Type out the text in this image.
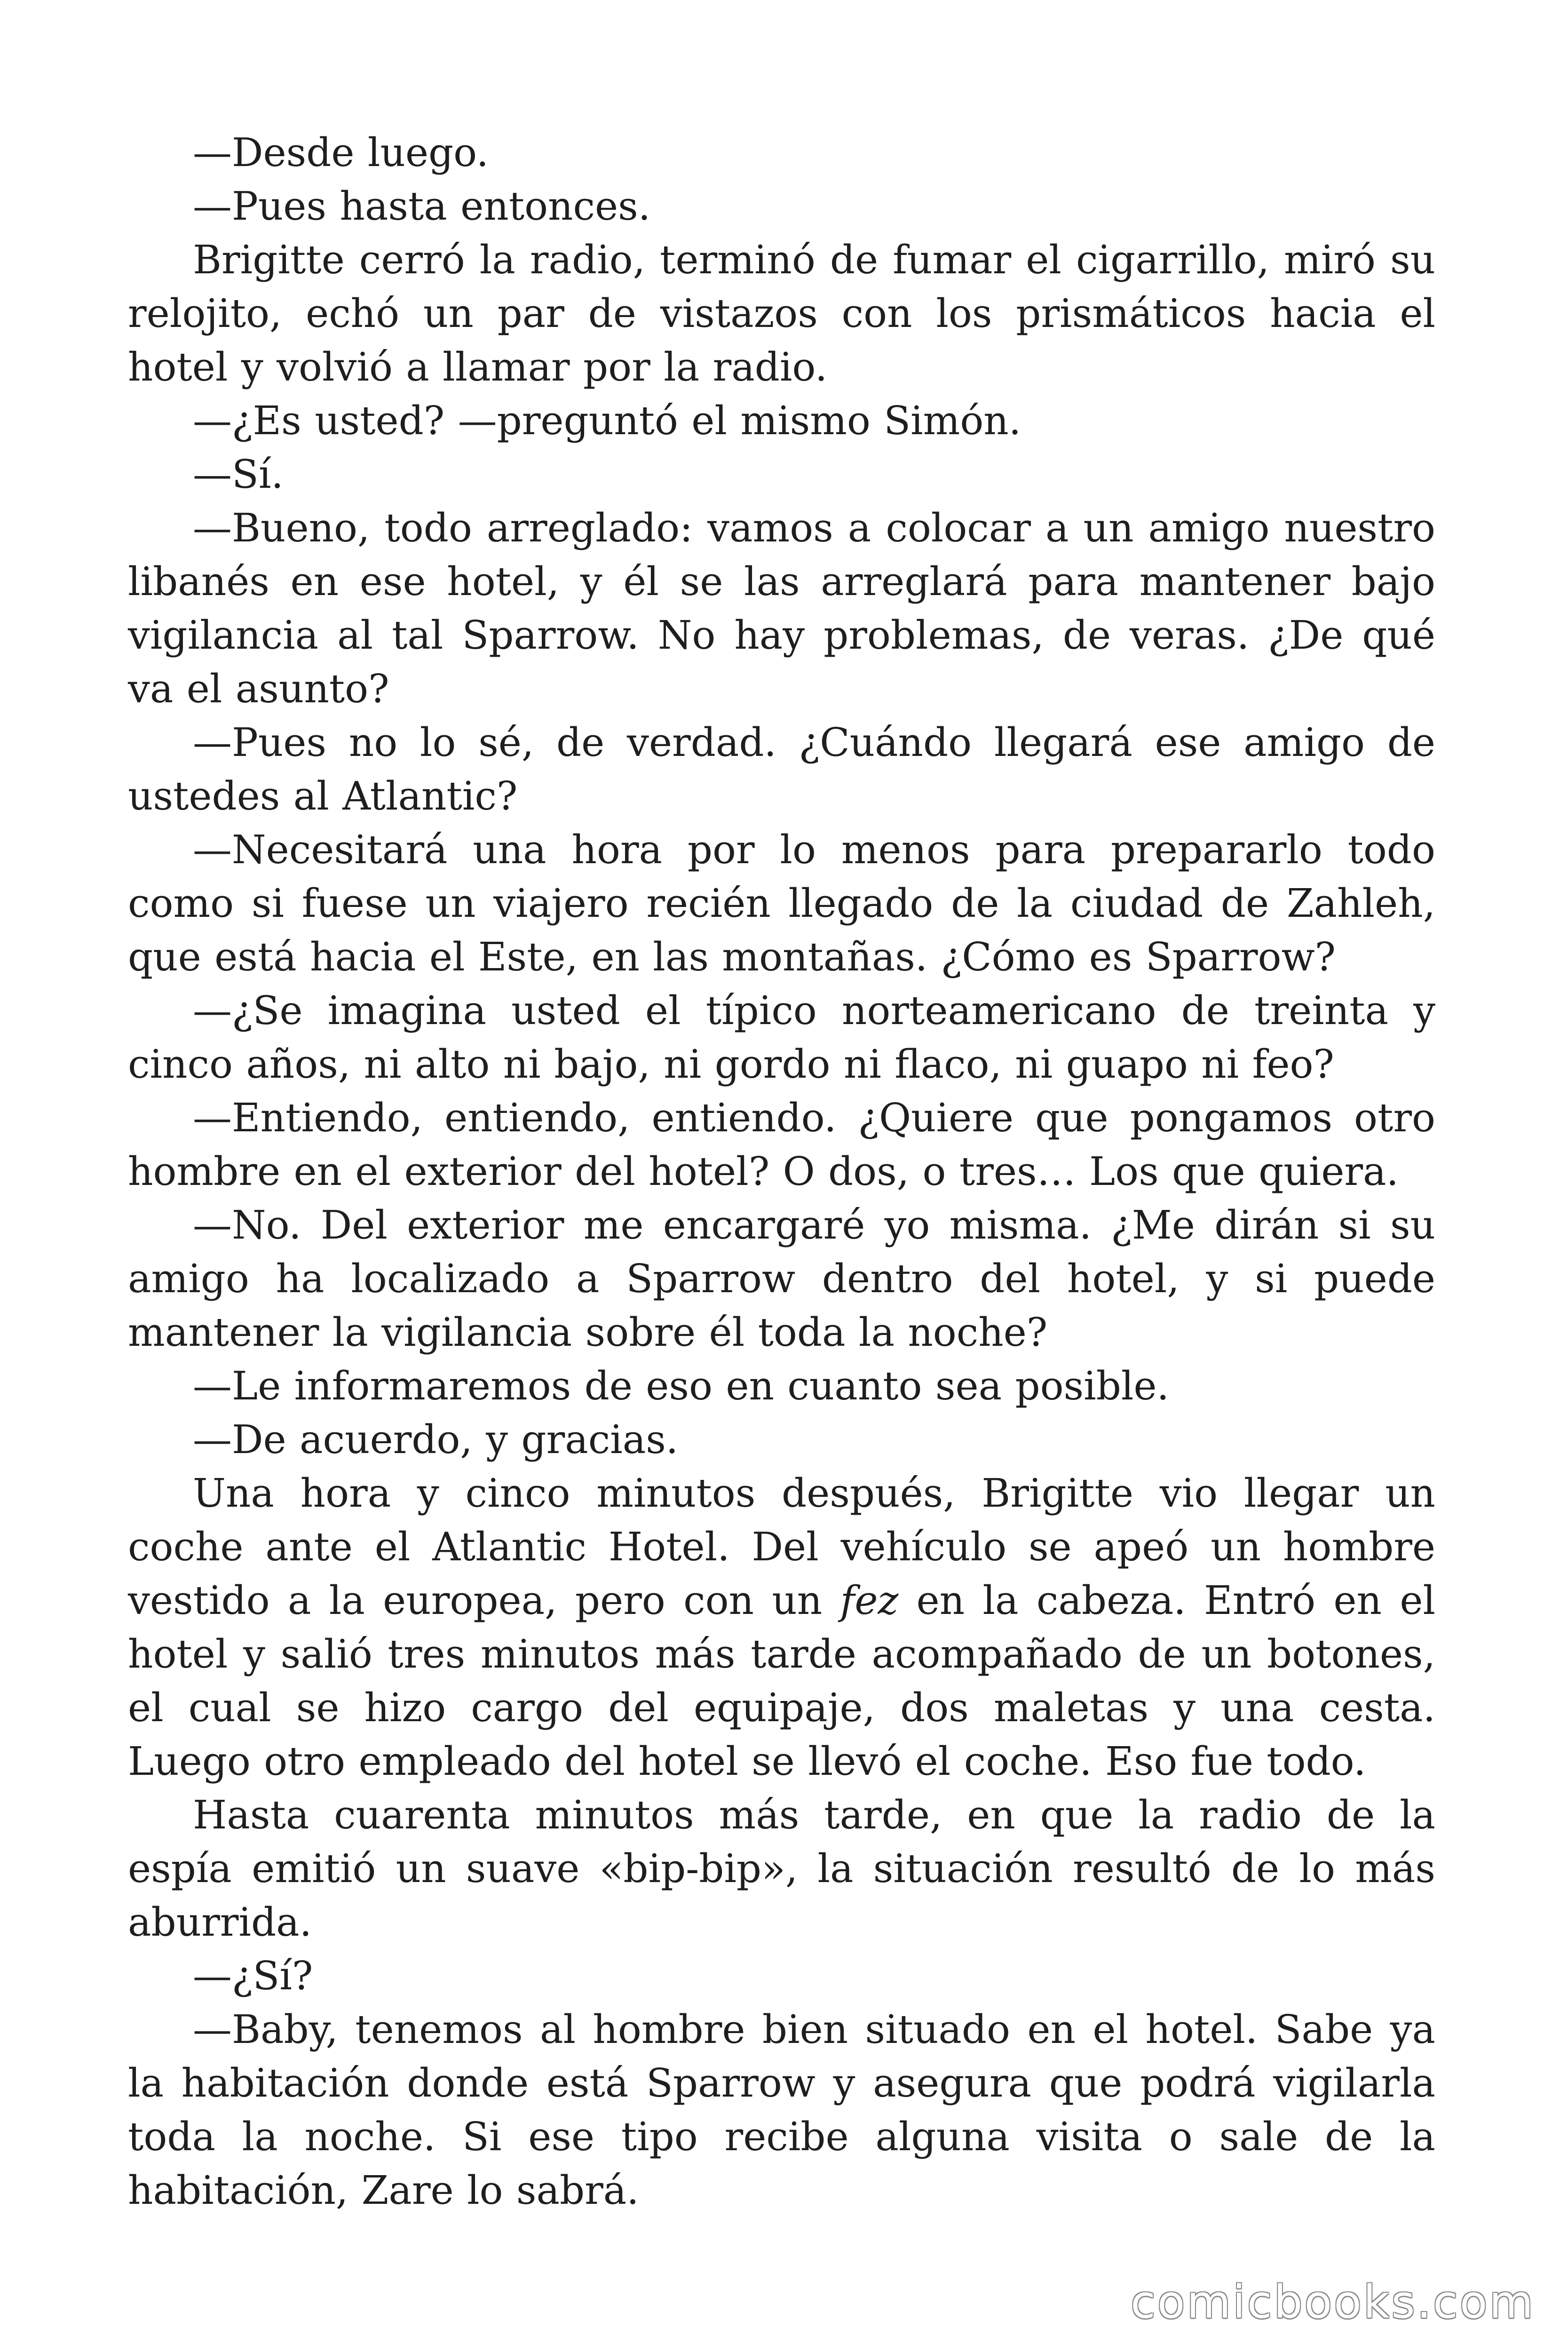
—Desde luego.

—Pues hasta entonces.

Brigitte cerró la radio, terminó de fumar el cigarrillo, miró su relojito, echó un par de vistazos con los prismáticos hacia el hotel y volvió a llamar por la radio.

—¿Es usted? —preguntó el mismo Simón.

—Sí.

—Bueno, todo arreglado: vamos a colocar a un amigo nuestro libanés en ese hotel, y él se las arreglará para mantener bajo vigilancia al tal Sparrow. No hay problemas, de veras. ¿De qué va el asunto?

—Pues no lo sé, de verdad. ¿Cuándo llegará ese amigo de ustedes al Atlantic?

—Necesitará una hora por lo menos para prepararlo todo como si fuese un viajero recién llegado de la ciudad de Zahleh, que está hacia el Este, en las montañas. ¿Cómo es Sparrow?

—¿Se imagina usted el típico norteamericano de treinta y cinco años, ni alto ni bajo, ni gordo ni flaco, ni guapo ni feo?

—Entiendo, entiendo, entiendo. ¿Quiere que pongamos otro hombre en el exterior del hotel? O dos, o tres… Los que quiera.

—No. Del exterior me encargaré yo misma. ¿Me dirán si su amigo ha localizado a Sparrow dentro del hotel, y si puede mantener la vigilancia sobre él toda la noche?

—Le informaremos de eso en cuanto sea posible.

—De acuerdo, y gracias.

Una hora y cinco minutos después, Brigitte vio llegar un coche ante el Atlantic Hotel. Del vehículo se apeó un hombre vestido a la europea, pero con un fez en la cabeza. Entró en el hotel y salió tres minutos más tarde acompañado de un botones, el cual se hizo cargo del equipaje, dos maletas y una cesta. Luego otro empleado del hotel se llevó el coche. Eso fue todo.

Hasta cuarenta minutos más tarde, en que la radio de la espía emitió un suave «bip-bip», la situación resultó de lo más aburrida.

—¿Sí?

—Baby, tenemos al hombre bien situado en el hotel. Sabe ya la habitación donde está Sparrow y asegura que podrá vigilarla toda la noche. Si ese tipo recibe alguna visita o sale de la habitación, Zare lo sabrá.

comicbooks.com
